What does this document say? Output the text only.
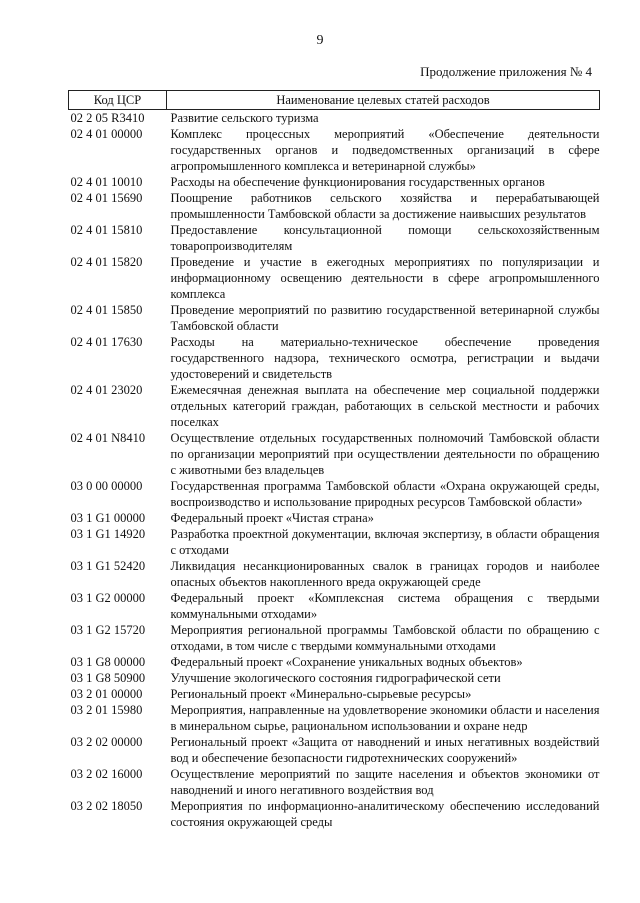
9
Продолжение приложения № 4
Код ЦСР	Наименование целевых статей расходов
02 2 05 R3410	Развитие сельского туризма
02 4 01 00000	Комплекс процессных мероприятий «Обеспечение деятельности государственных органов и подведомственных организаций в сфере агропромышленного комплекса и ветеринарной службы»
02 4 01 10010	Расходы на обеспечение функционирования государственных органов
02 4 01 15690	Поощрение работников сельского хозяйства и перерабатывающей промышленности Тамбовской области за достижение наивысших результатов
02 4 01 15810	Предоставление консультационной помощи сельскохозяйственным товаропроизводителям
02 4 01 15820	Проведение и участие в ежегодных мероприятиях по популяризации и информационному освещению деятельности в сфере агропромышленного комплекса
02 4 01 15850	Проведение мероприятий по развитию государственной ветеринарной службы Тамбовской области
02 4 01 17630	Расходы на материально-техническое обеспечение проведения государственного надзора, технического осмотра, регистрации и выдачи удостоверений и свидетельств
02 4 01 23020	Ежемесячная денежная выплата на обеспечение мер социальной поддержки отдельных категорий граждан, работающих в сельской местности и рабочих поселках
02 4 01 N8410	Осуществление отдельных государственных полномочий Тамбовской области по организации мероприятий при осуществлении деятельности по обращению с животными без владельцев
03 0 00 00000	Государственная программа Тамбовской области «Охрана окружающей среды, воспроизводство и использование природных ресурсов Тамбовской области»
03 1 G1 00000	Федеральный проект «Чистая страна»
03 1 G1 14920	Разработка проектной документации, включая экспертизу, в области обращения с отходами
03 1 G1 52420	Ликвидация несанкционированных свалок в границах городов и наиболее опасных объектов накопленного вреда окружающей среде
03 1 G2 00000	Федеральный проект «Комплексная система обращения с твердыми коммунальными отходами»
03 1 G2 15720	Мероприятия региональной программы Тамбовской области по обращению с отходами, в том числе с твердыми коммунальными отходами
03 1 G8 00000	Федеральный проект «Сохранение уникальных водных объектов»
03 1 G8 50900	Улучшение экологического состояния гидрографической сети
03 2 01 00000	Региональный проект «Минерально-сырьевые ресурсы»
03 2 01 15980	Мероприятия, направленные на удовлетворение экономики области и населения в минеральном сырье, рациональном использовании и охране недр
03 2 02 00000	Региональный проект «Защита от наводнений и иных негативных воздействий вод и обеспечение безопасности гидротехнических сооружений»
03 2 02 16000	Осуществление мероприятий по защите населения и объектов экономики от наводнений и иного негативного воздействия вод
03 2 02 18050	Мероприятия по информационно-аналитическому обеспечению исследований состояния окружающей среды
